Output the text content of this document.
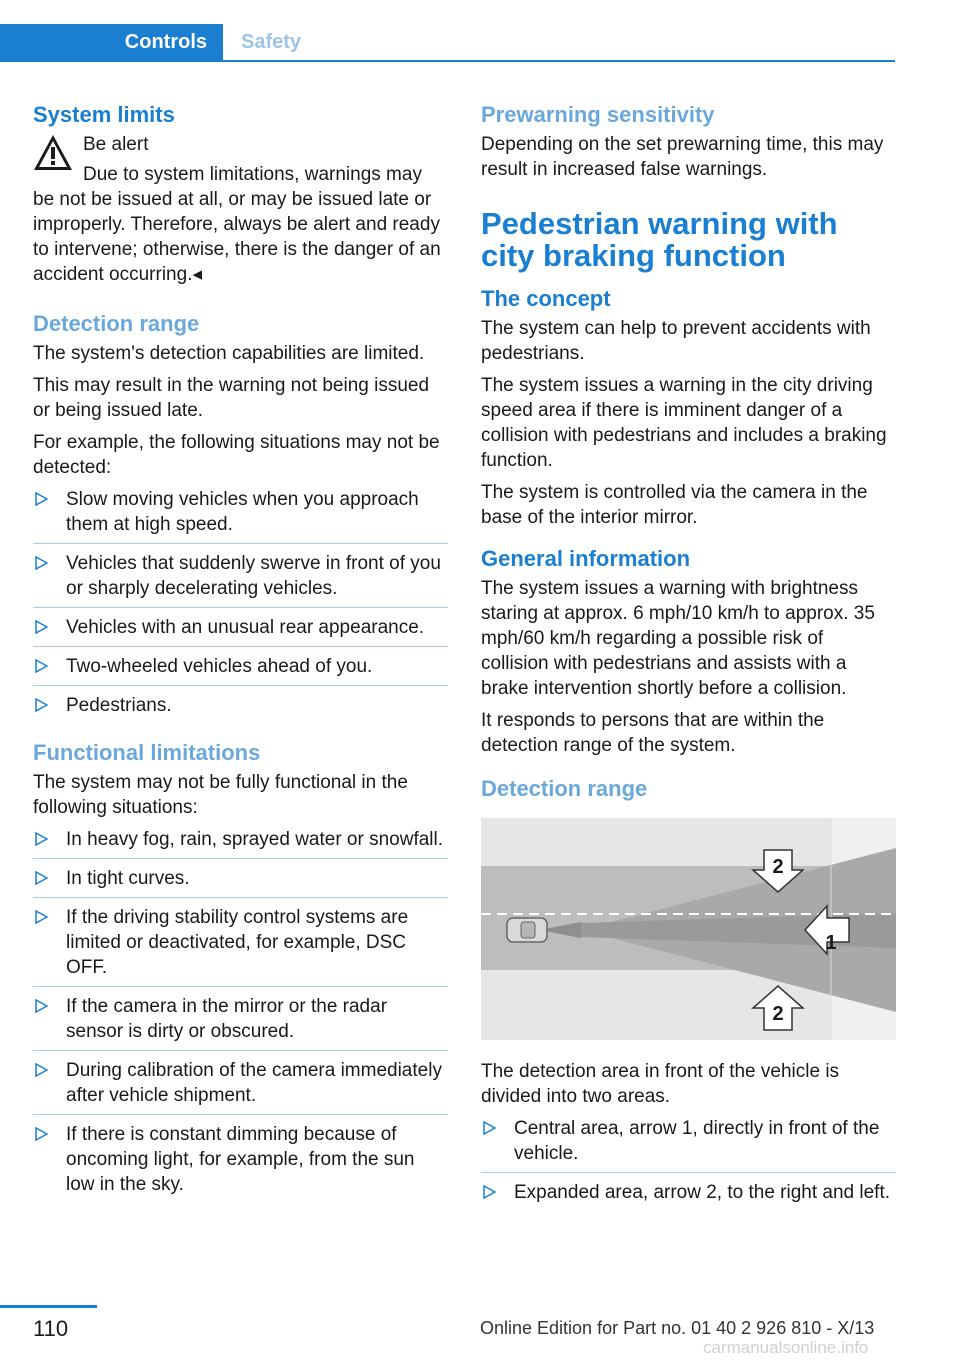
Controls	Safety
System limits

Be alert

Due to system limitations, warnings may be not be issued at all, or may be issued late or improperly. Therefore, always be alert and ready to intervene; otherwise, there is the danger of an accident occurring.◂

Detection range

The system's detection capabilities are limited.

This may result in the warning not being issued or being issued late.

For example, the following situations may not be detected:

Slow moving vehicles when you approach them at high speed.
Vehicles that suddenly swerve in front of you or sharply decelerating vehicles.
Vehicles with an unusual rear appearance.
Two-wheeled vehicles ahead of you.
Pedestrians.
Functional limitations

The system may not be fully functional in the following situations:

In heavy fog, rain, sprayed water or snowfall.
In tight curves.
If the driving stability control systems are limited or deactivated, for example, DSC OFF.
If the camera in the mirror or the radar sensor is dirty or obscured.
During calibration of the camera immediately after vehicle shipment.
If there is constant dimming because of oncoming light, for example, from the sun low in the sky.
Prewarning sensitivity

Depending on the set prewarning time, this may result in increased false warnings.

Pedestrian warning with city braking function
The concept

The system can help to prevent accidents with pedestrians.

The system issues a warning in the city driving speed area if there is imminent danger of a collision with pedestrians and includes a braking function.

The system is controlled via the camera in the base of the interior mirror.

General information

The system issues a warning with brightness staring at approx. 6 mph/10 km/h to approx. 35 mph/60 km/h regarding a possible risk of collision with pedestrians and assists with a brake intervention shortly before a collision.

It responds to persons that are within the detection range of the system.

Detection range
2
1
2

The detection area in front of the vehicle is divided into two areas.

Central area, arrow 1, directly in front of the vehicle.
Expanded area, arrow 2, to the right and left.
110	Online Edition for Part no. 01 40 2 926 810 - X/13
carmanualsonline.info
